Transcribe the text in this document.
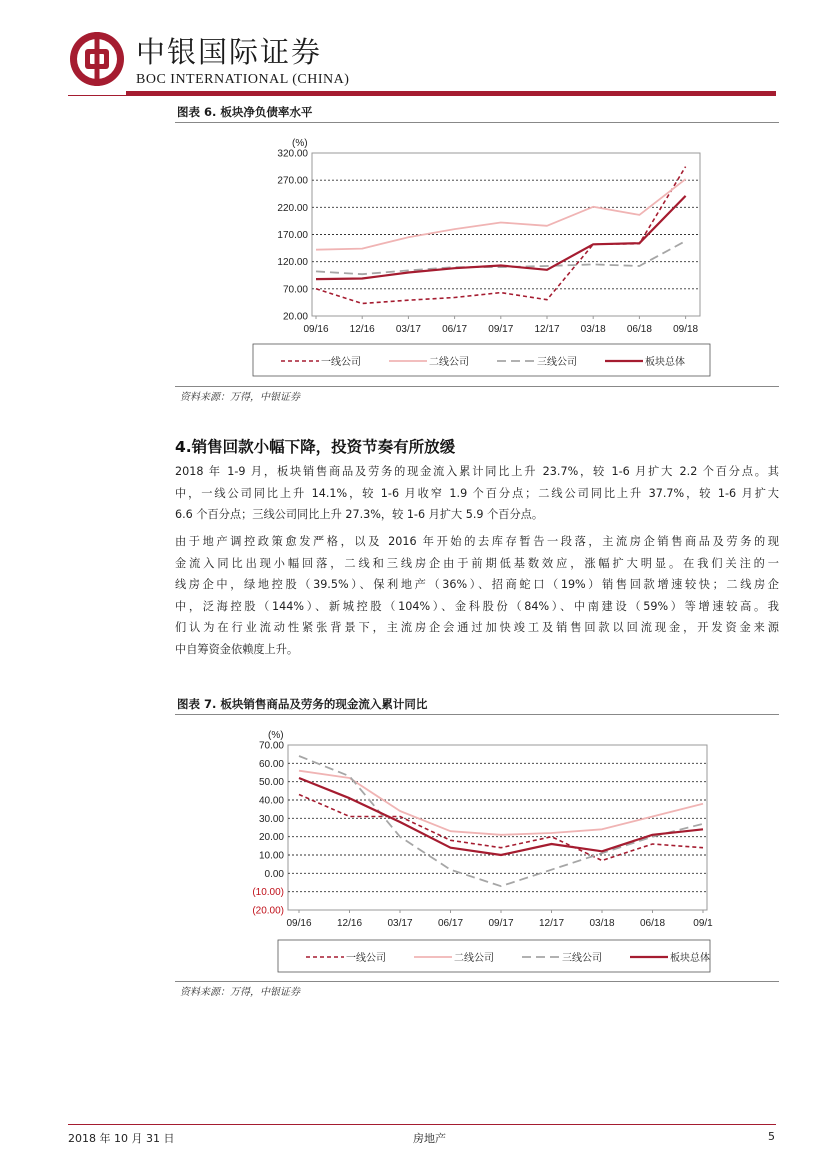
中银国际证券
BOC INTERNATIONAL (CHINA)
图表 6. 板块净负债率水平
320.00
270.00
220.00
170.00
120.00
70.00
20.00
(%)
09/16 12/16 03/17 06/17 09/17 12/17 03/18 06/18 09/18
一线公司	二线公司	三线公司	板块总体
资料来源：万得，中银证券
4.销售回款小幅下降，投资节奏有所放缓
2018 年 1-9 月，板块销售商品及劳务的现金流入累计同比上升 23.7%，较 1-6 月扩大 2.2 个百分点。其
中，一线公司同比上升 14.1%，较 1-6 月收窄 1.9 个百分点；二线公司同比上升 37.7%，较 1-6 月扩大
6.6 个百分点；三线公司同比上升 27.3%，较 1-6 月扩大 5.9 个百分点。
由于地产调控政策愈发严格，以及 2016 年开始的去库存暂告一段落，主流房企销售商品及劳务的现
金流入同比出现小幅回落，二线和三线房企由于前期低基数效应，涨幅扩大明显。在我们关注的一
线房企中，绿地控股（39.5%）、保利地产（36%）、招商蛇口（19%）销售回款增速较快；二线房企
中，泛海控股（144%）、新城控股（104%）、金科股份（84%）、中南建设（59%）等增速较高。我
们认为在行业流动性紧张背景下，主流房企会通过加快竣工及销售回款以回流现金，开发资金来源
中自筹资金依赖度上升。
图表 7. 板块销售商品及劳务的现金流入累计同比
70.00
60.00
50.00
40.00
30.00
20.00
10.00
0.00
(10.00)
(20.00)
(%)
09/16	12/16	03/17	06/17	09/17	12/17	03/18	06/18	09/1
一线公司	二线公司	三线公司	板块总体
资料来源：万得，中银证券
2018 年 10 月 31 日	房地产	5
